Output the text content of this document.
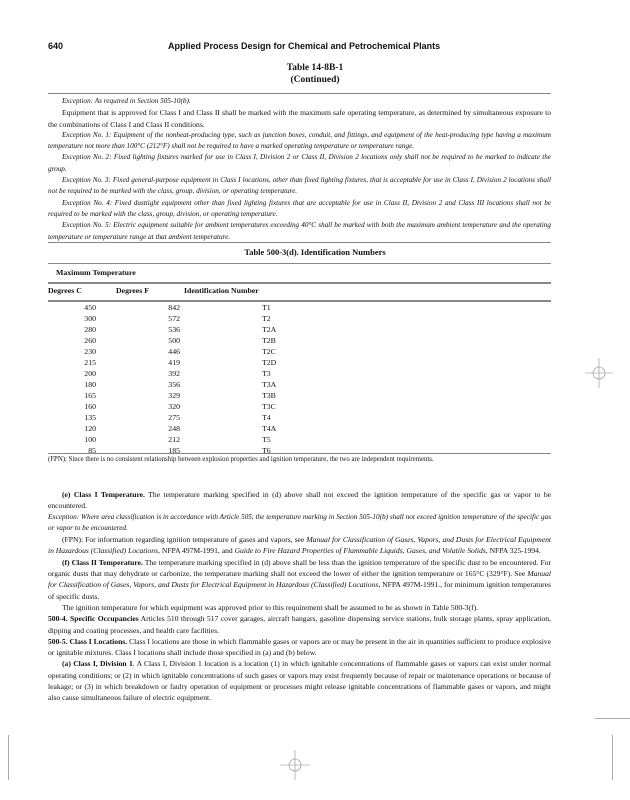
640	Applied Process Design for Chemical and Petrochemical Plants
Table 14-8B-1
(Continued)

Exception: As required in Section 505-10(b).

Equipment that is approved for Class I and Class II shall be marked with the maximum safe operating temperature, as determined by simultaneous exposure to the combinations of Class I and Class II conditions.

Exception No. 1: Equipment of the nonheat-producing type, such as junction boxes, conduit, and fittings, and equipment of the heat-producing type having a maximum temperature not more than 100°C (212°F) shall not be required to have a marked operating temperature or temperature range.

Exception No. 2: Fixed lighting fixtures marked for use in Class I, Division 2 or Class II, Division 2 locations only shall not be required to be marked to indicate the group.

Exception No. 3: Fixed general-purpose equipment in Class I locations, other than fixed lighting fixtures, that is acceptable for use in Class I, Division 2 locations shall not be required to be marked with the class, group, division, or operating temperature.

Exception No. 4: Fixed dusttight equipment other than fixed lighting fixtures that are acceptable for use in Class II, Division 2 and Class III locations shall not be required to be marked with the class, group, division, or operating temperature.

Exception No. 5: Electric equipment suitable for ambient temperatures exceeding 40°C shall be marked with both the maximum ambient temperature and the operating temperature or temperature range at that ambient temperature.

Table 500-3(d). Identification Numbers
Maximum Temperature
Degrees C	Degrees F	Identification Number
450	842	T1
300	572	T2
280	536	T2A
260	500	T2B
230	446	T2C
215	419	T2D
200	392	T3
180	356	T3A
165	329	T3B
160	320	T3C
135	275	T4
120	248	T4A
100	212	T5
85	185	T6
(FPN): Since there is no consistent relationship between explosion properties and ignition temperature, the two are independent requirements.

(e) Class I Temperature. The temperature marking specified in (d) above shall not exceed the ignition temperature of the specific gas or vapor to be encountered.

Exception: Where area classification is in accordance with Article 505, the temperature marking in Section 505-10(b) shall not exceed ignition temperature of the specific gas or vapor to be encountered.

(FPN): For information regarding ignition temperature of gases and vapors, see Manual for Classification of Gases, Vapors, and Dusts for Electrical Equipment in Hazardous (Classified) Locations, NFPA 497M-1991, and Guide to Fire Hazard Properties of Flammable Liquids, Gases, and Volatile Solids, NFPA 325-1994.

(f) Class II Temperature. The temperature marking specified in (d) above shall be less than the ignition temperature of the specific dust to be encountered. For organic dusts that may dehydrate or carbonize, the temperature marking shall not exceed the lower of either the ignition temperature or 165°C (329°F). See Manual for Classification of Gases, Vapors, and Dusts for Electrical Equipment in Hazardous (Classified) Locations, NFPA 497M-1991., for minimum ignition temperatures of specific dusts.

The ignition temperature for which equipment was approved prior to this requirement shall be assumed to be as shown in Table 500-3(f).

500-4. Specific Occupancies Articles 510 through 517 cover garages, aircraft hangars, gasoline dispensing service stations, bulk storage plants, spray application, dipping and coating processes, and health care facilities.

500-5. Class I Locations. Class I locations are those in which flammable gases or vapors are or may be present in the air in quantities sufficient to produce explosive or ignitable mixtures. Class I locations shall include those specified in (a) and (b) below.

(a) Class I, Division 1. A Class I, Division 1 location is a location (1) in which ignitable concentrations of flammable gases or vapors can exist under normal operating conditions; or (2) in which ignitable concentrations of such gases or vapors may exist frequently because of repair or maintenance operations or because of leakage; or (3) in which breakdown or faulty operation of equipment or processes might release ignitable concentrations of flammable gases or vapors, and might also cause simultaneous failure of electric equipment.
